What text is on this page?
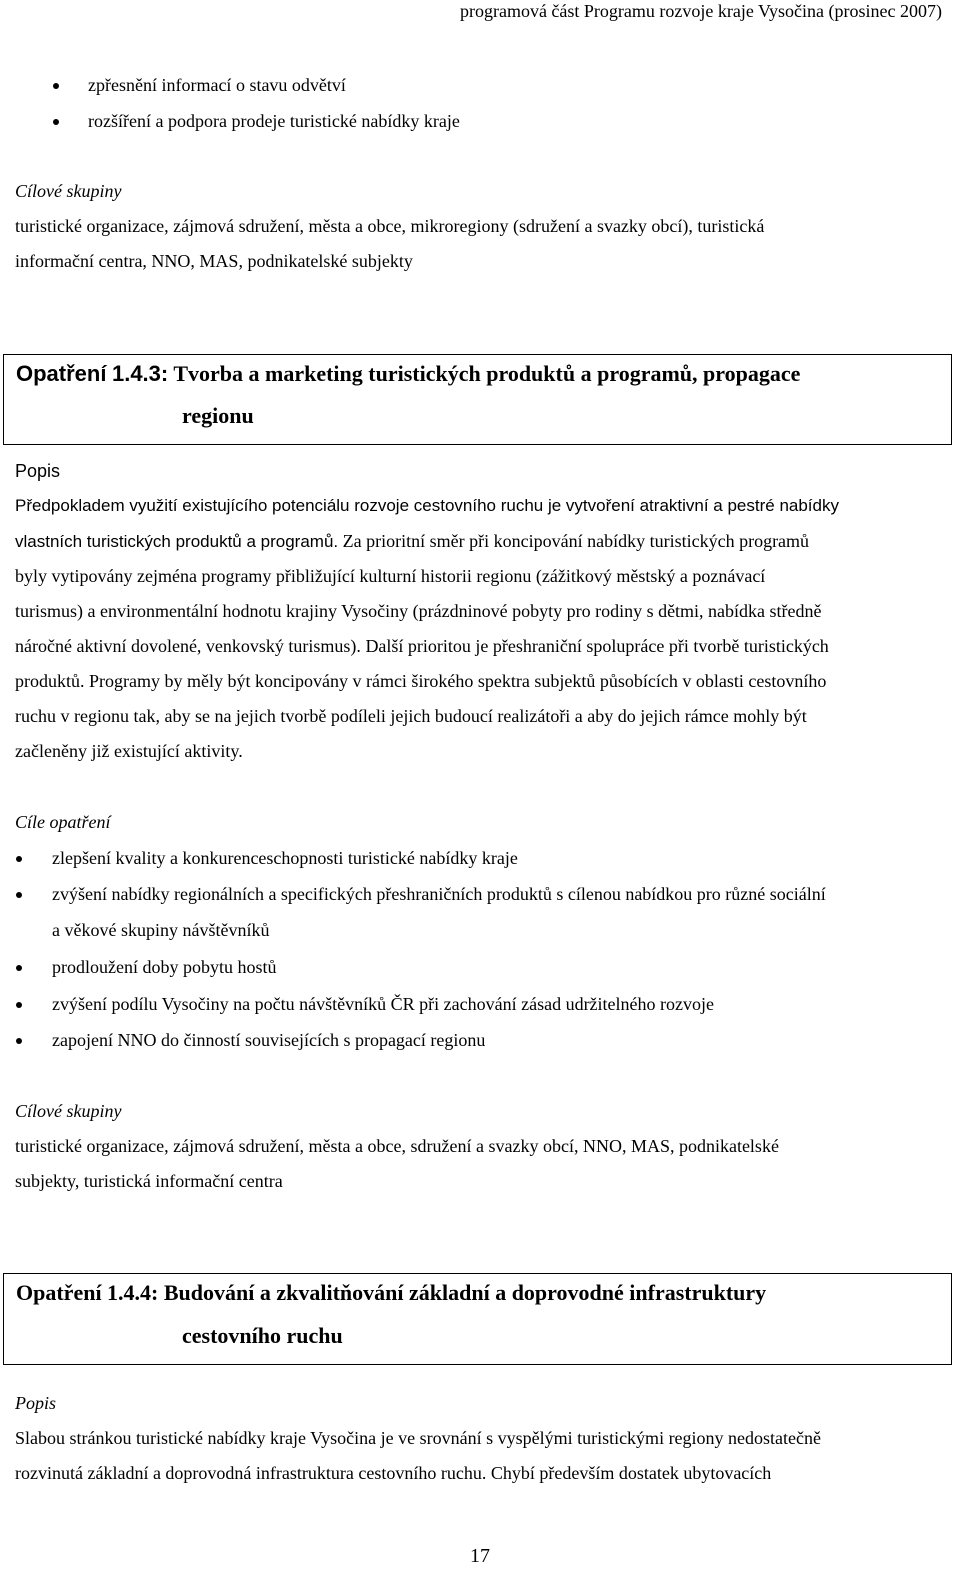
programová část Programu rozvoje kraje Vysočina (prosinec 2007)
zpřesnění informací o stavu odvětví
rozšíření a podpora prodeje turistické nabídky kraje
Cílové skupiny
turistické organizace, zájmová sdružení, města a obce, mikroregiony (sdružení a svazky obcí), turistická
informační centra, NNO, MAS, podnikatelské subjekty
Opatření 1.4.3: Tvorba a marketing turistických produktů a programů, propagace
regionu
Popis
Předpokladem využití existujícího potenciálu rozvoje cestovního ruchu je vytvoření atraktivní a pestré nabídky
vlastních turistických produktů a programů. Za prioritní směr při koncipování nabídky turistických programů
byly vytipovány zejména programy přibližující kulturní historii regionu (zážitkový městský a poznávací
turismus) a environmentální hodnotu krajiny Vysočiny (prázdninové pobyty pro rodiny s dětmi, nabídka středně
náročné aktivní dovolené, venkovský turismus). Další prioritou je přeshraniční spolupráce při tvorbě turistických
produktů. Programy by měly být koncipovány v rámci širokého spektra subjektů působících v oblasti cestovního
ruchu v regionu tak, aby se na jejich tvorbě podíleli jejich budoucí realizátoři a aby do jejich rámce mohly být
začleněny již existující aktivity.
Cíle opatření
zlepšení kvality a konkurenceschopnosti turistické nabídky kraje
zvýšení nabídky regionálních a specifických přeshraničních produktů s cílenou nabídkou pro různé sociální
a věkové skupiny návštěvníků
prodloužení doby pobytu hostů
zvýšení podílu Vysočiny na počtu návštěvníků ČR při zachování zásad udržitelného rozvoje
zapojení NNO do činností souvisejících s propagací regionu
Cílové skupiny
turistické organizace, zájmová sdružení, města a obce, sdružení a svazky obcí, NNO, MAS, podnikatelské
subjekty, turistická informační centra
Opatření 1.4.4: Budování a zkvalitňování základní a doprovodné infrastruktury
cestovního ruchu
Popis
Slabou stránkou turistické nabídky kraje Vysočina je ve srovnání s vyspělými turistickými regiony nedostatečně
rozvinutá základní a doprovodná infrastruktura cestovního ruchu. Chybí především dostatek ubytovacích
17
